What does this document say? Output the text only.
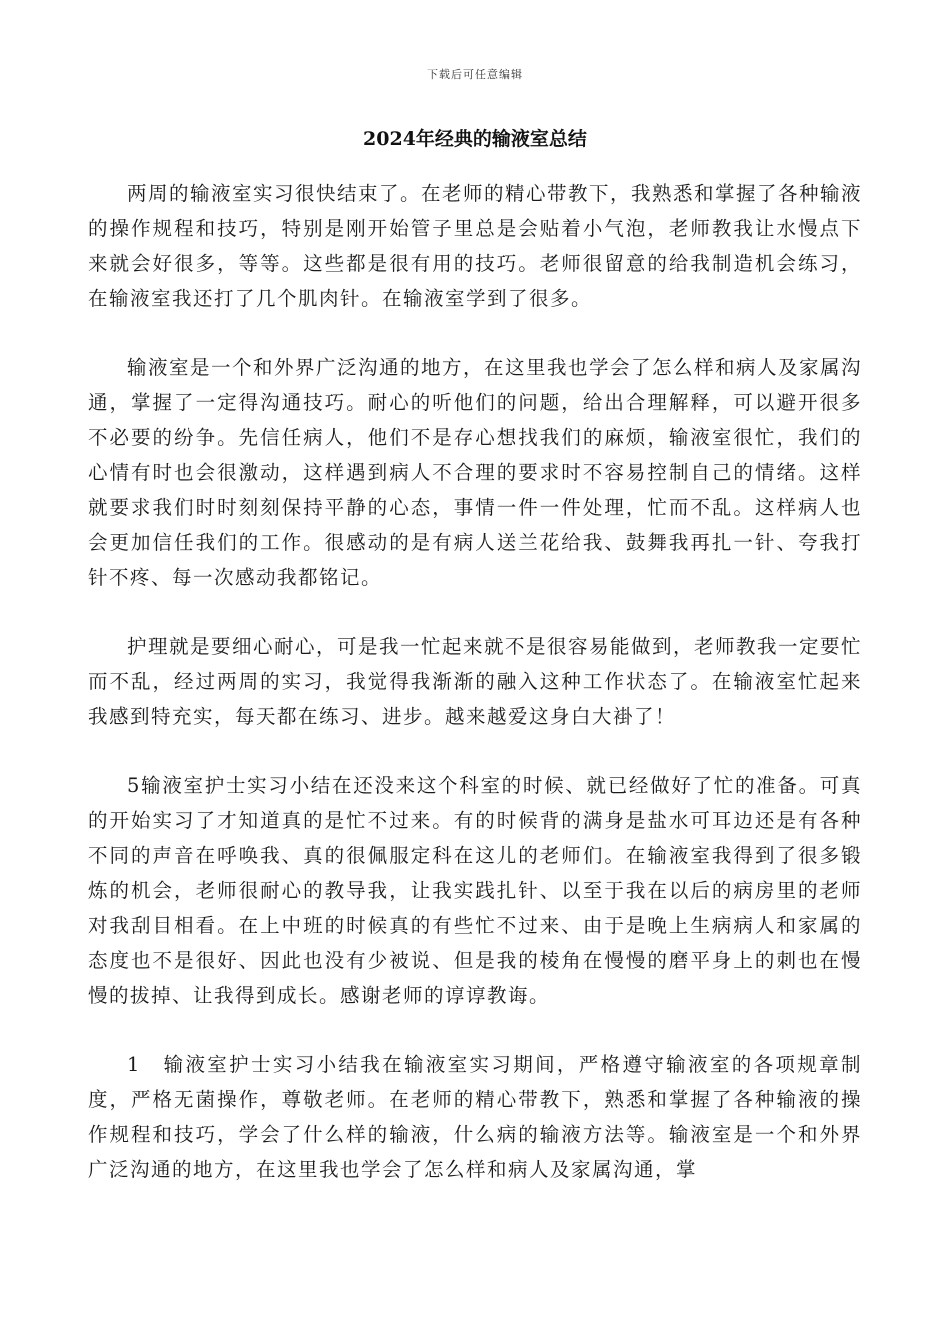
下载后可任意编辑
2024年经典的输液室总结

两周的输液室实习很快结束了。在老师的精心带教下，我熟悉和掌握了各种输液的操作规程和技巧，特别是刚开始管子里总是会贴着小气泡，老师教我让水慢点下来就会好很多，等等。这些都是很有用的技巧。老师很留意的给我制造机会练习，在输液室我还打了几个肌肉针。在输液室学到了很多。

输液室是一个和外界广泛沟通的地方，在这里我也学会了怎么样和病人及家属沟通，掌握了一定得沟通技巧。耐心的听他们的问题，给出合理解释，可以避开很多不必要的纷争。先信任病人，他们不是存心想找我们的麻烦，输液室很忙，我们的心情有时也会很激动，这样遇到病人不合理的要求时不容易控制自己的情绪。这样就要求我们时时刻刻保持平静的心态，事情一件一件处理，忙而不乱。这样病人也会更加信任我们的工作。很感动的是有病人送兰花给我、鼓舞我再扎一针、夸我打针不疼、每一次感动我都铭记。

护理就是要细心耐心，可是我一忙起来就不是很容易能做到，老师教我一定要忙而不乱，经过两周的实习，我觉得我渐渐的融入这种工作状态了。在输液室忙起来我感到特充实，每天都在练习、进步。越来越爱这身白大褂了！

5输液室护士实习小结在还没来这个科室的时候、就已经做好了忙的准备。可真的开始实习了才知道真的是忙不过来。有的时候背的满身是盐水可耳边还是有各种不同的声音在呼唤我、真的很佩服定科在这儿的老师们。在输液室我得到了很多锻炼的机会，老师很耐心的教导我，让我实践扎针、以至于我在以后的病房里的老师对我刮目相看。在上中班的时候真的有些忙不过来、由于是晚上生病病人和家属的态度也不是很好、因此也没有少被说、但是我的棱角在慢慢的磨平身上的刺也在慢慢的拔掉、让我得到成长。感谢老师的谆谆教诲。

1　输液室护士实习小结我在输液室实习期间，严格遵守输液室的各项规章制度，严格无菌操作，尊敬老师。在老师的精心带教下，熟悉和掌握了各种输液的操作规程和技巧，学会了什么样的输液，什么病的输液方法等。输液室是一个和外界广泛沟通的地方，在这里我也学会了怎么样和病人及家属沟通，掌
